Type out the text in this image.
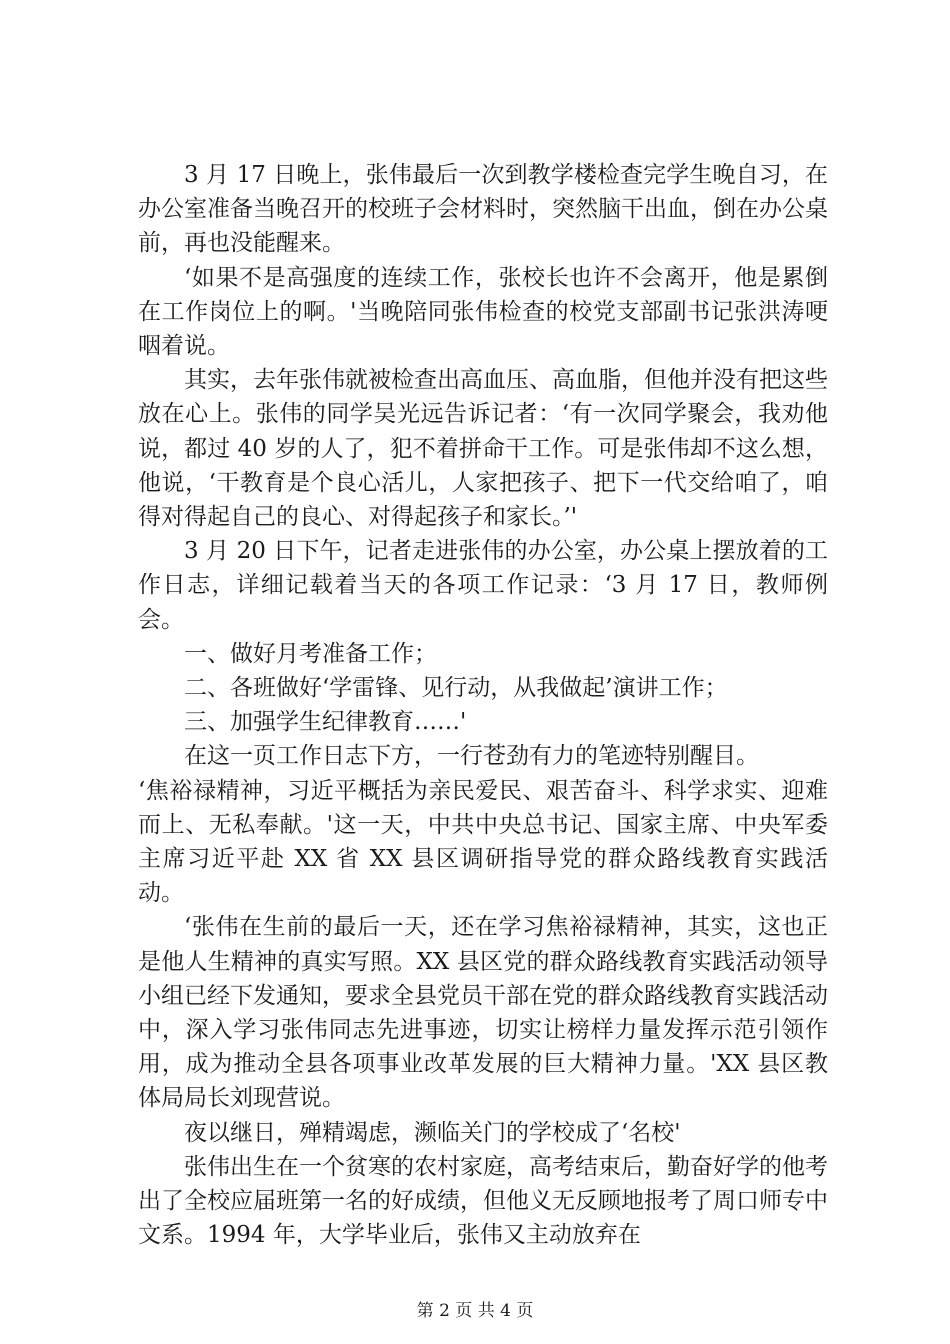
3 月 17 日晚上，张伟最后一次到教学楼检查完学生晚自习，在办公室准备当晚召开的校班子会材料时，突然脑干出血，倒在办公桌前，再也没能醒来。

‘如果不是高强度的连续工作，张校长也许不会离开，他是累倒在工作岗位上的啊。'当晚陪同张伟检查的校党支部副书记张洪涛哽咽着说。

其实，去年张伟就被检查出高血压、高血脂，但他并没有把这些放在心上。张伟的同学吴光远告诉记者：‘有一次同学聚会，我劝他说，都过 40 岁的人了，犯不着拼命干工作。可是张伟却不这么想，他说，‘干教育是个良心活儿，人家把孩子、把下一代交给咱了，咱得对得起自己的良心、对得起孩子和家长。’'

3 月 20 日下午，记者走进张伟的办公室，办公桌上摆放着的工作日志，详细记载着当天的各项工作记录：‘3 月 17 日，教师例会。

一、做好月考准备工作；

二、各班做好‘学雷锋、见行动，从我做起’演讲工作；

三、加强学生纪律教育……'

在这一页工作日志下方，一行苍劲有力的笔迹特别醒目。

‘焦裕禄精神，习近平概括为亲民爱民、艰苦奋斗、科学求实、迎难而上、无私奉献。'这一天，中共中央总书记、国家主席、中央军委主席习近平赴 XX 省 XX 县区调研指导党的群众路线教育实践活动。

‘张伟在生前的最后一天，还在学习焦裕禄精神，其实，这也正是他人生精神的真实写照。XX 县区党的群众路线教育实践活动领导小组已经下发通知，要求全县党员干部在党的群众路线教育实践活动中，深入学习张伟同志先进事迹，切实让榜样力量发挥示范引领作用，成为推动全县各项事业改革发展的巨大精神力量。'XX 县区教体局局长刘现营说。

夜以继日，殚精竭虑，濒临关门的学校成了‘名校'

张伟出生在一个贫寒的农村家庭，高考结束后，勤奋好学的他考出了全校应届班第一名的好成绩，但他义无反顾地报考了周口师专中文系。1994 年，大学毕业后，张伟又主动放弃在

第 2 页 共 4 页
